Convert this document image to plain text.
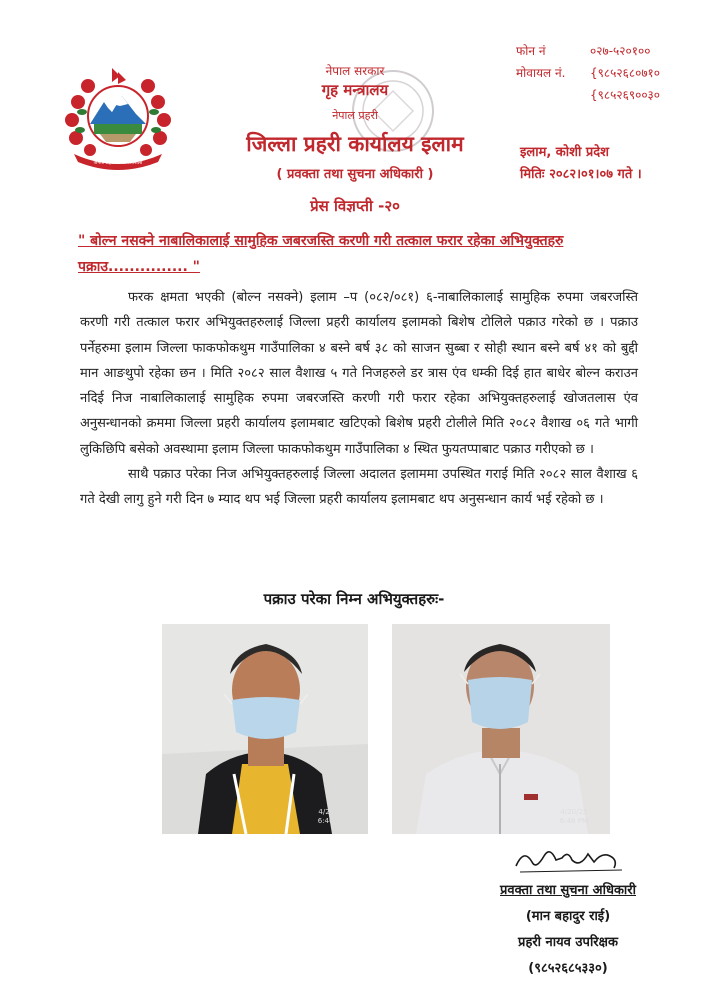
जनता प्रहरीको आधारशिला
नेपाल सरकार
गृह मन्त्रालय
नेपाल प्रहरी
जिल्ला प्रहरी कार्यालय इलाम
( प्रवक्ता तथा सुचना अधिकारी )
फोन नं	०२७-५२०१००
मोवायल नं. {९८५२६८०७१०
{९८५२६९००३०
इलाम, कोशी प्रदेश
मितिः २०८२।०१।०७ गते ।
प्रेस विज्ञप्ती -२०
" बोल्न नसक्ने नाबालिकालाई सामुहिक जबरजस्ति करणी गरी तत्काल फरार रहेका अभियुक्तहरु पक्राउ............... "

फरक क्षमता भएकी (बोल्न नसक्ने) इलाम –प (०८२/०८१) ६-नाबालिकालाई सामुहिक रुपमा जबरजस्ति करणी गरी तत्काल फरार अभियुक्तहरुलाई जिल्ला प्रहरी कार्यालय इलामको बिशेष टोलिले पक्राउ गरेको छ । पक्राउ पर्नेहरुमा इलाम जिल्ला फाकफोकथुम गाउँपालिका ४ बस्ने बर्ष ३८ को साजन सुब्बा र सोही स्थान बस्ने बर्ष ४१ को बुद्दी मान आङथुपो रहेका छन । मिति २०८२ साल वैशाख ५ गते निजहरुले डर त्रास एंव धम्की दिई हात बाधेर बोल्न कराउन नदिई निज नाबालिकालाई सामुहिक रुपमा जबरजस्ति करणी गरी फरार रहेका अभियुक्तहरुलाई खोजतलास एंव अनुसन्धानको क्रममा जिल्ला प्रहरी कार्यालय इलामबाट खटिएको बिशेष प्रहरी टोलीले मिति २०८२ वैशाख ०६ गते भागी लुकिछिपि बसेको अवस्थामा इलाम जिल्ला फाकफोकथुम गाउँपालिका ४ स्थित फुयतप्पाबाट पक्राउ गरीएको छ ।

साथै पक्राउ परेका निज अभियुक्तहरुलाई जिल्ला अदालत इलाममा उपस्थित गराई मिति २०८२ साल वैशाख ६ गते देखी लागु हुने गरी दिन ७ म्याद थप भई जिल्ला प्रहरी कार्यालय इलामबाट थप अनुसन्धान कार्य भई रहेको छ ।

पक्राउ परेका निम्न अभियुक्तहरुः-
4/20/25
6:46 PM
4/20/25
6:48 PM
प्रवक्ता तथा सुचना अधिकारी
(मान बहादुर राई)
प्रहरी नायव उपरिक्षक
(९८५२६८५३३०)
